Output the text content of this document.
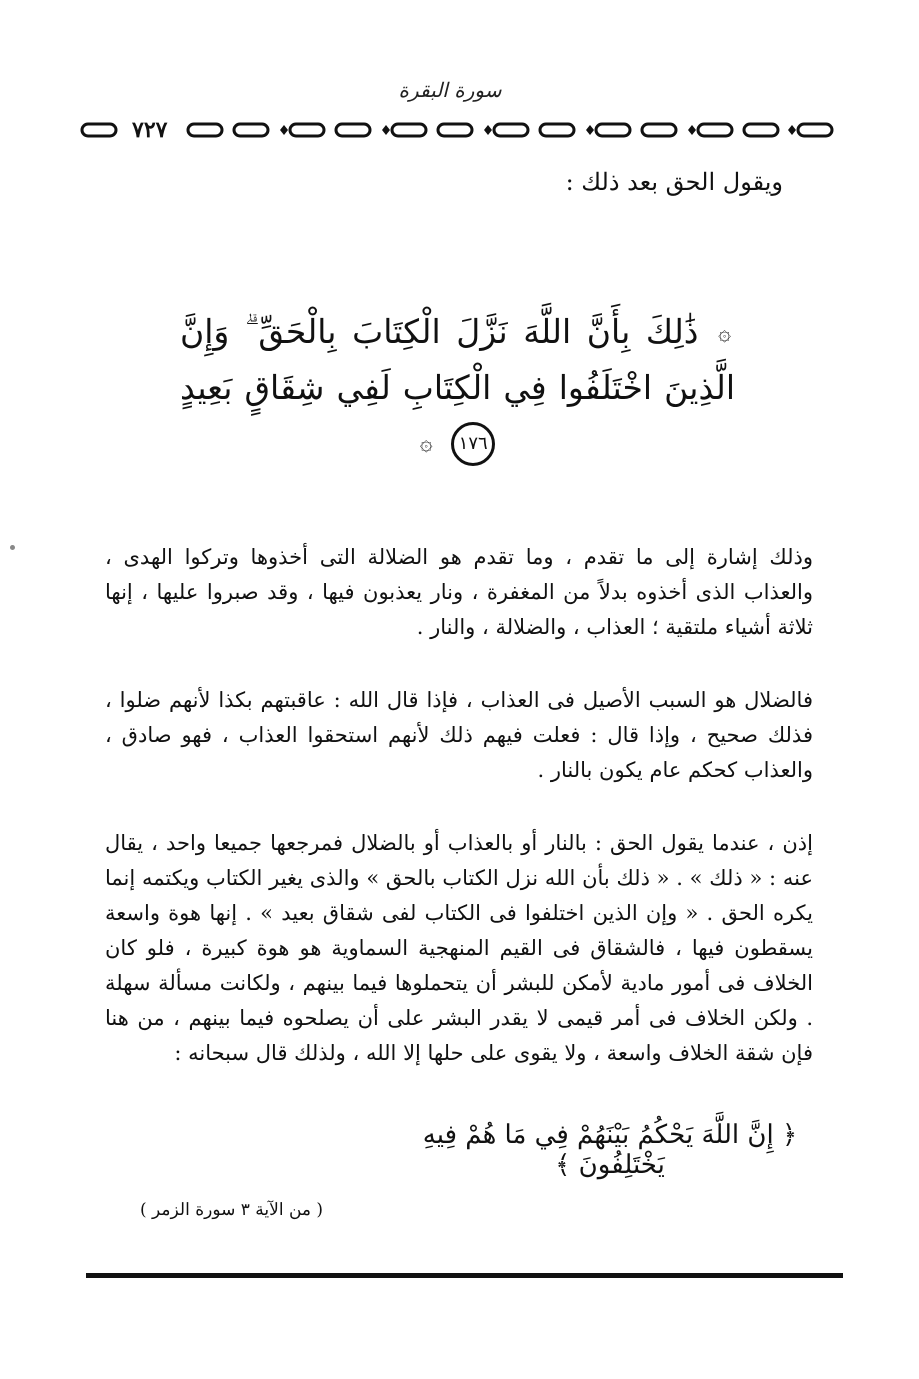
سورة البقرة
٧٢٧
ويقول الحق بعد ذلك :
۞ ذَٰلِكَ بِأَنَّ اللَّهَ نَزَّلَ الْكِتَابَ بِالْحَقِّ ۗ وَإِنَّ الَّذِينَ اخْتَلَفُوا فِي الْكِتَابِ لَفِي شِقَاقٍ بَعِيدٍ ١٧٦ ۞
وذلك إشارة إلى ما تقدم ، وما تقدم هو الضلالة التى أخذوها وتركوا الهدى ، والعذاب الذى أخذوه بدلاً من المغفرة ، ونار يعذبون فيها ، وقد صبروا عليها ، إنها ثلاثة أشياء ملتقية ؛ العذاب ، والضلالة ، والنار .
فالضلال هو السبب الأصيل فى العذاب ، فإذا قال الله : عاقبتهم بكذا لأنهم ضلوا ، فذلك صحيح ، وإذا قال : فعلت فيهم ذلك لأنهم استحقوا العذاب ، فهو صادق ، والعذاب كحكم عام يكون بالنار .
إذن ، عندما يقول الحق : بالنار أو بالعذاب أو بالضلال فمرجعها جميعا واحد ، يقال عنه : « ذلك » . « ذلك بأن الله نزل الكتاب بالحق » والذى يغير الكتاب ويكتمه إنما يكره الحق . « وإن الذين اختلفوا فى الكتاب لفى شقاق بعيد » . إنها هوة واسعة يسقطون فيها ، فالشقاق فى القيم المنهجية السماوية هو هوة كبيرة ، فلو كان الخلاف فى أمور مادية لأمكن للبشر أن يتحملوها فيما بينهم ، ولكانت مسألة سهلة . ولكن الخلاف فى أمر قيمى لا يقدر البشر على أن يصلحوه فيما بينهم ، من هنا فإن شقة الخلاف واسعة ، ولا يقوى على حلها إلا الله ، ولذلك قال سبحانه :
﴿ إِنَّ اللَّهَ يَحْكُمُ بَيْنَهُمْ فِي مَا هُمْ فِيهِ يَخْتَلِفُونَ ﴾
( من الآية ٣ سورة الزمر )
